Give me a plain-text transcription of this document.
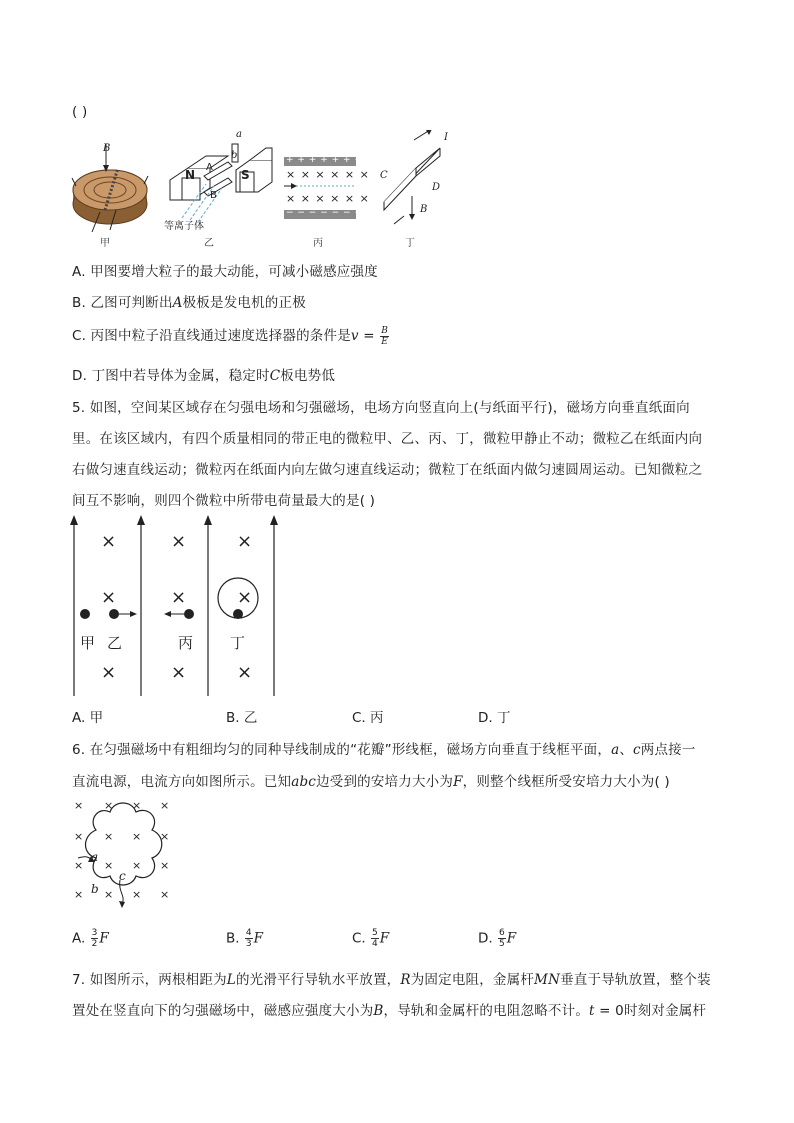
( )
B
a
b
A
B
N	S
等离子体
+ + + + + + +
× × × × × ×
× × × × × ×
− − − − − − −
I
C
D
B
甲	乙	丙	丁
A. 甲图要增大粒子的最大动能，可减小磁感应强度
B. 乙图可判断出A极板是发电机的正极
C. 丙图中粒子沿直线通过速度选择器的条件是$v = \frac{B}{E}$
D. 丁图中若导体为金属，稳定时C板电势低
5. 如图，空间某区域存在匀强电场和匀强磁场，电场方向竖直向上(与纸面平行)，磁场方向垂直纸面向
里。在该区域内，有四个质量相同的带正电的微粒甲、乙、丙、丁，微粒甲静止不动；微粒乙在纸面内向
右做匀速直线运动；微粒丙在纸面内向左做匀速直线运动；微粒丁在纸面内做匀速圆周运动。已知微粒之
间互不影响，则四个微粒中所带电荷量最大的是( )
×	×	×
×	×	×
×	×	×
甲 乙	丙 丁
A. 甲	B. 乙	C. 丙	D. 丁
6. 在匀强磁场中有粗细均匀的同种导线制成的“花瓣”形线框，磁场方向垂直于线框平面，a、c两点接一
直流电源，电流方向如图所示。已知abc边受到的安培力大小为F，则整个线框所受安培力大小为( )
a
b
c
× × × ×
× × × ×
× × × ×
× × × ×
A. $\frac{3}{2}$ F	B. $\frac{4}{3}$ F	C. $\frac{5}{4}$ F	D. $\frac{6}{5}$ F
7. 如图所示，两根相距为L的光滑平行导轨水平放置，R为固定电阻，金属杆MN垂直于导轨放置，整个装
置处在竖直向下的匀强磁场中，磁感应强度大小为B，导轨和金属杆的电阻忽略不计。t = 0时刻对金属杆
